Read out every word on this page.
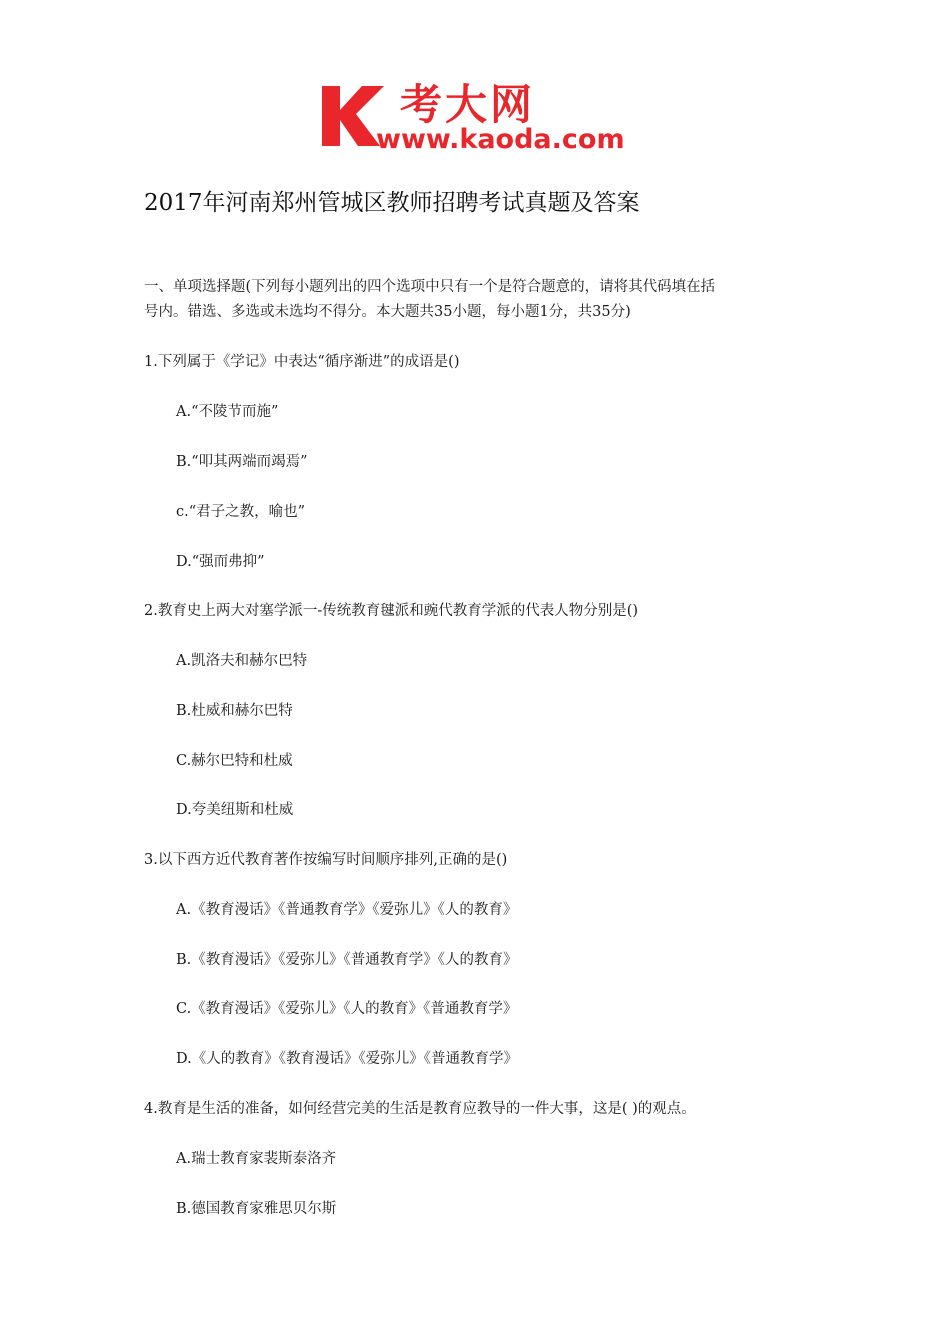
考大网
www.kaoda.com
2017年河南郑州管城区教师招聘考试真题及答案
一、单项选择题(下列每小题列出的四个选项中只有一个是符合题意的，请将其代码填在括
号内。错选、多选或未选均不得分。本大题共35小题，每小题1分，共35分)
1.下列属于《学记》中表达“循序渐进”的成语是()
A.“不陵节而施”
B.“叩其两端而竭焉”
c.“君子之教，喻也”
D.“强而弗抑”
2.教育史上两大对塞学派一-传统教育毽派和豌代教育学派的代表人物分别是()
A.凯洛夫和赫尔巴特
B.杜威和赫尔巴特
C.赫尔巴特和杜威
D.夸美纽斯和杜威
3.以下西方近代教育著作按编写时间顺序排列,正确的是()
A.《教育漫话》《普通教育学》《爱弥儿》《人的教育》
B.《教育漫话》《爱弥儿》《普通教育学》《人的教育》
C.《教育漫话》《爱弥儿》《人的教育》《普通教育学》
D.《人的教育》《教育漫话》《爱弥儿》《普通教育学》
4.教育是生活的准备，如何经营完美的生活是教育应教导的一件大事，这是( )的观点。
A.瑞士教育家裴斯泰洛齐
B.德国教育家雅思贝尔斯
